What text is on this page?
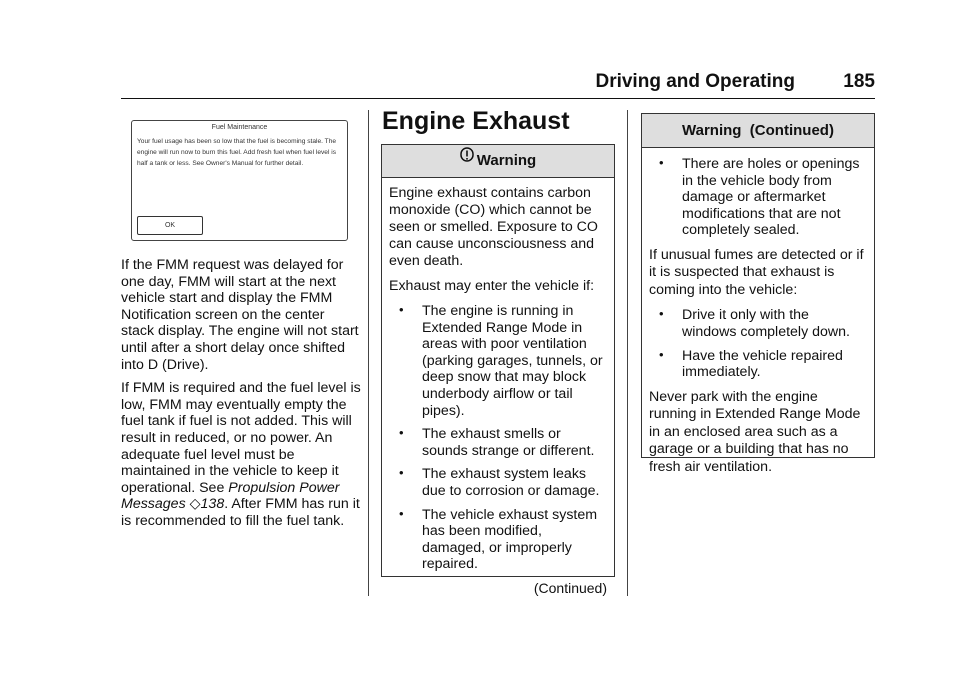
Driving and Operating	185
Fuel Maintenance
Your fuel usage has been so low that the fuel is becoming stale. The engine will run now to burn this fuel. Add fresh fuel when fuel level is half a tank or less. See Owner's Manual for further detail.
OK

If the FMM request was delayed for one day, FMM will start at the next vehicle start and display the FMM Notification screen on the center stack display. The engine will not start until after a short delay once shifted into D (Drive).

If FMM is required and the fuel level is low, FMM may eventually empty the fuel tank if fuel is not added. This will result in reduced, or no power. An adequate fuel level must be maintained in the vehicle to keep it operational. See Propulsion Power Messages ◇138. After FMM has run it is recommended to fill the fuel tank.

Engine Exhaust
Warning

Engine exhaust contains carbon monoxide (CO) which cannot be seen or smelled. Exposure to CO can cause unconsciousness and even death.

Exhaust may enter the vehicle if:

• The engine is running in Extended Range Mode in areas with poor ventilation (parking garages, tunnels, or deep snow that may block underbody airflow or tail pipes).
• The exhaust smells or sounds strange or different.
• The exhaust system leaks due to corrosion or damage.
• The vehicle exhaust system has been modified, damaged, or improperly repaired.
(Continued)
Warning  (Continued)
• There are holes or openings in the vehicle body from damage or aftermarket modifications that are not completely sealed.

If unusual fumes are detected or if it is suspected that exhaust is coming into the vehicle:

• Drive it only with the windows completely down.
• Have the vehicle repaired immediately.

Never park with the engine running in Extended Range Mode in an enclosed area such as a garage or a building that has no fresh air ventilation.
